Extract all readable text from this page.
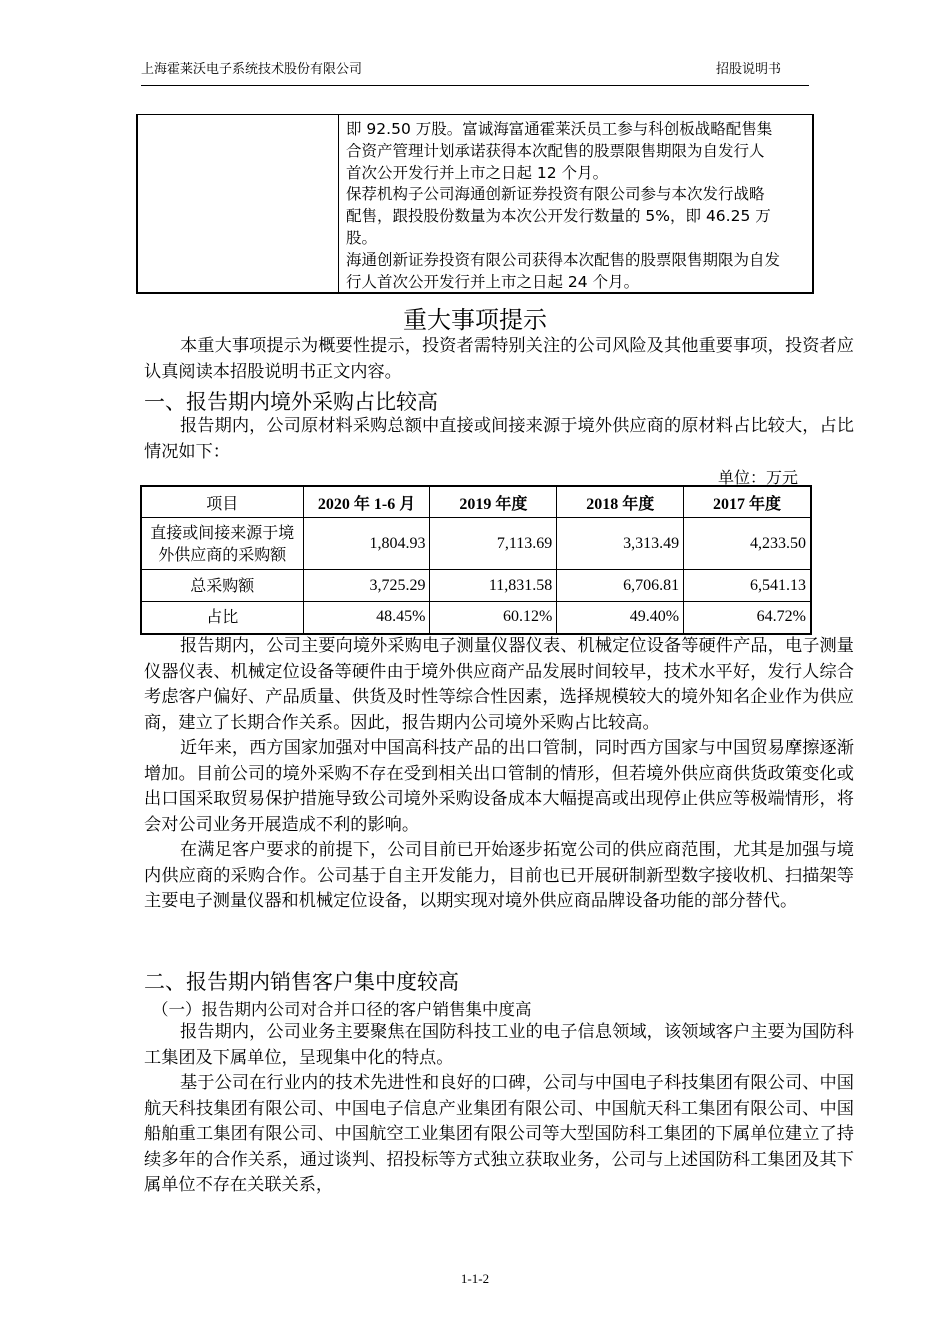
上海霍莱沃电子系统技术股份有限公司	招股说明书

即 92.50 万股。富诚海富通霍莱沃员工参与科创板战略配售集

合资产管理计划承诺获得本次配售的股票限售期限为自发行人

首次公开发行并上市之日起 12 个月。

保荐机构子公司海通创新证券投资有限公司参与本次发行战略

配售，跟投股份数量为本次公开发行数量的 5%，即 46.25 万

股。

海通创新证券投资有限公司获得本次配售的股票限售期限为自发

行人首次公开发行并上市之日起 24 个月。

重大事项提示

本重大事项提示为概要性提示，投资者需特别关注的公司风险及其他重要事项，投资者应认真阅读本招股说明书正文内容。

一、报告期内境外采购占比较高

报告期内，公司原材料采购总额中直接或间接来源于境外供应商的原材料占比较大，占比情况如下：

单位：万元
项目	2020 年 1-6 月	2019 年度	2018 年度	2017 年度
直接或间接来源于境外供应商的采购额	1,804.93	7,113.69	3,313.49	4,233.50
总采购额	3,725.29	11,831.58	6,706.81	6,541.13
占比	48.45%	60.12%	49.40%	64.72%

报告期内，公司主要向境外采购电子测量仪器仪表、机械定位设备等硬件产品，电子测量仪器仪表、机械定位设备等硬件由于境外供应商产品发展时间较早，技术水平好，发行人综合考虑客户偏好、产品质量、供货及时性等综合性因素，选择规模较大的境外知名企业作为供应商，建立了长期合作关系。因此，报告期内公司境外采购占比较高。

近年来，西方国家加强对中国高科技产品的出口管制，同时西方国家与中国贸易摩擦逐渐增加。目前公司的境外采购不存在受到相关出口管制的情形，但若境外供应商供货政策变化或出口国采取贸易保护措施导致公司境外采购设备成本大幅提高或出现停止供应等极端情形，将会对公司业务开展造成不利的影响。

在满足客户要求的前提下，公司目前已开始逐步拓宽公司的供应商范围，尤其是加强与境内供应商的采购合作。公司基于自主开发能力，目前也已开展研制新型数字接收机、扫描架等主要电子测量仪器和机械定位设备，以期实现对境外供应商品牌设备功能的部分替代。

二、报告期内销售客户集中度较高
（一）报告期内公司对合并口径的客户销售集中度高

报告期内，公司业务主要聚焦在国防科技工业的电子信息领域，该领域客户主要为国防科工集团及下属单位，呈现集中化的特点。

基于公司在行业内的技术先进性和良好的口碑，公司与中国电子科技集团有限公司、中国航天科技集团有限公司、中国电子信息产业集团有限公司、中国航天科工集团有限公司、中国船舶重工集团有限公司、中国航空工业集团有限公司等大型国防科工集团的下属单位建立了持续多年的合作关系，通过谈判、招投标等方式独立获取业务，公司与上述国防科工集团及其下属单位不存在关联关系，

1-1-2
